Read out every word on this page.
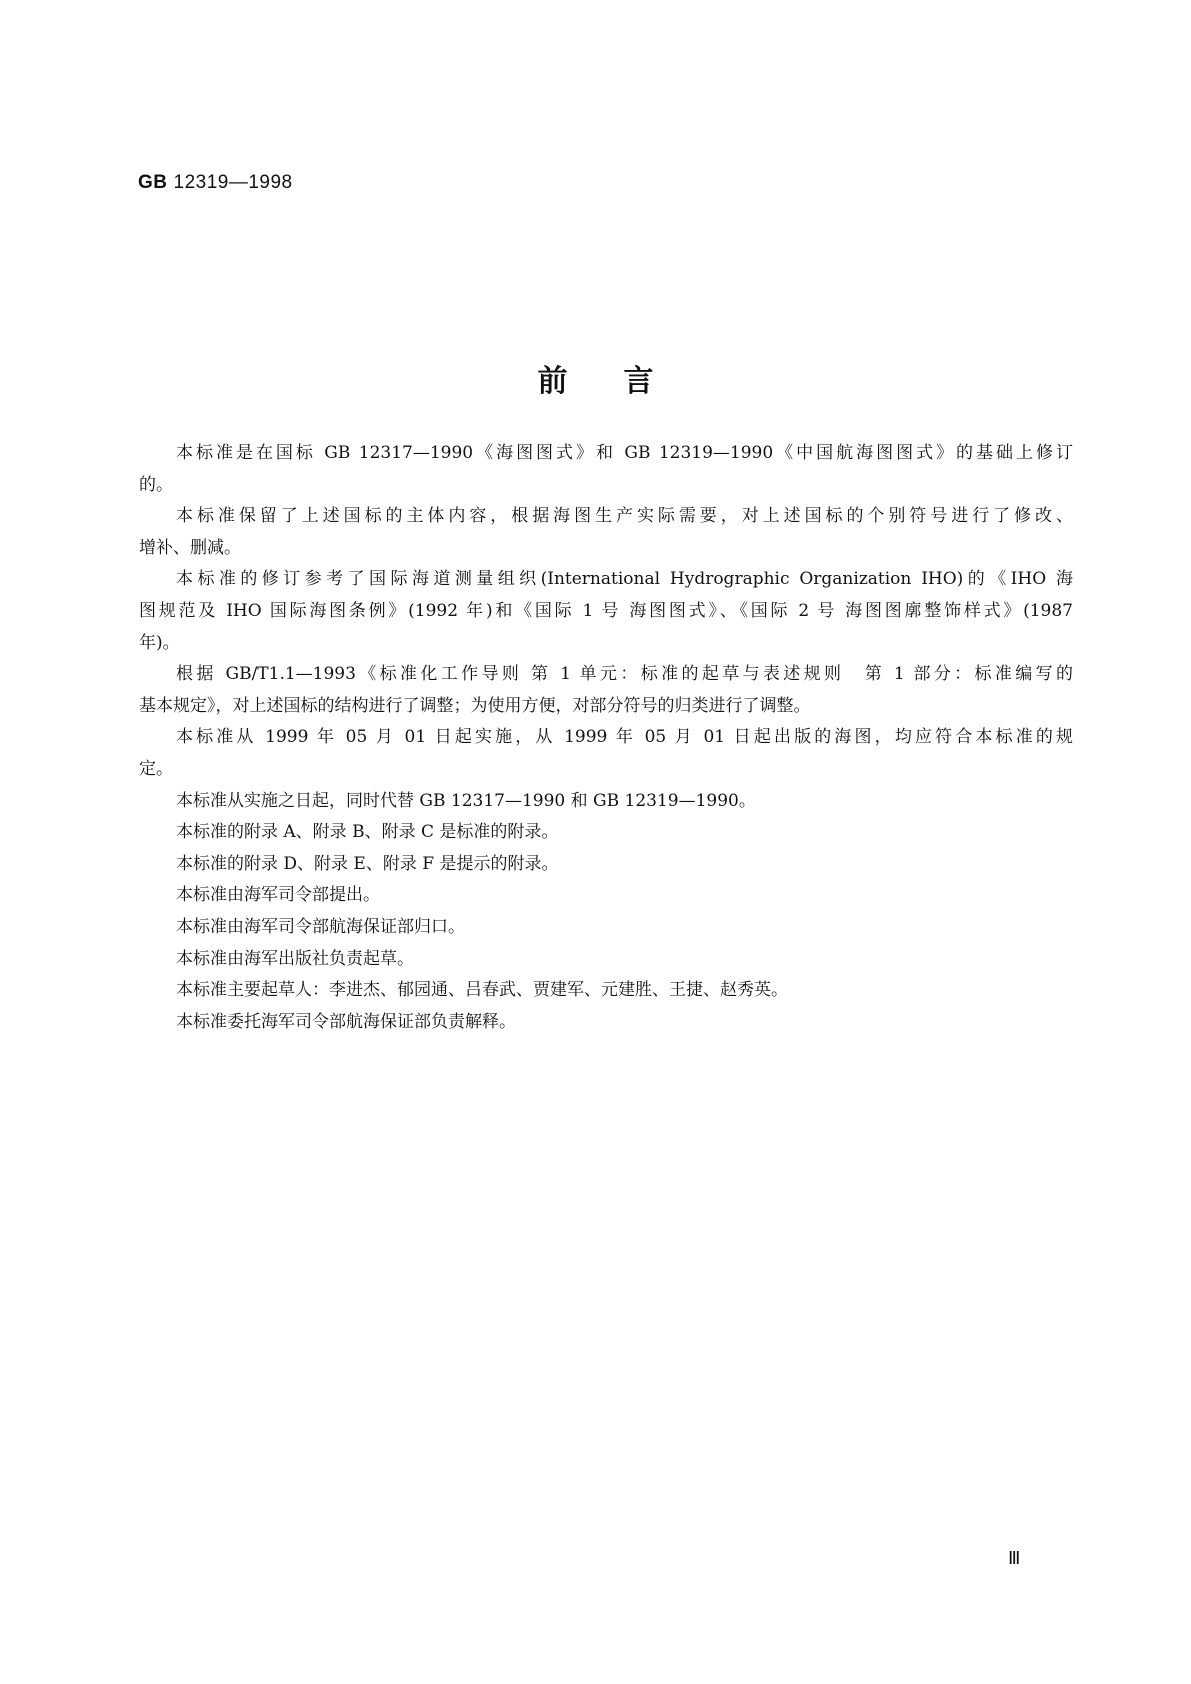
GB 12319—1998
前言
本标准是在国标 GB 12317—1990《海图图式》和 GB 12319—1990《中国航海图图式》的基础上修订
的。
本标准保留了上述国标的主体内容，根据海图生产实际需要，对上述国标的个别符号进行了修改、
增补、删减。
本标准的修订参考了国际海道测量组织(International Hydrographic Organization IHO)的《IHO 海
图规范及 IHO 国际海图条例》(1992 年)和《国际 1 号 海图图式》、《国际 2 号 海图图廓整饰样式》(1987
年)。
根据 GB/T1.1—1993《标准化工作导则 第 1 单元：标准的起草与表述规则　第 1 部分：标准编写的
基本规定》，对上述国标的结构进行了调整；为使用方便，对部分符号的归类进行了调整。
本标准从 1999 年 05 月 01 日起实施，从 1999 年 05 月 01 日起出版的海图，均应符合本标准的规
定。
本标准从实施之日起，同时代替 GB 12317—1990 和 GB 12319—1990。
本标准的附录 A、附录 B、附录 C 是标准的附录。
本标准的附录 D、附录 E、附录 F 是提示的附录。
本标准由海军司令部提出。
本标准由海军司令部航海保证部归口。
本标准由海军出版社负责起草。
本标准主要起草人：李进杰、郁园通、吕春武、贾建军、元建胜、王捷、赵秀英。
本标准委托海军司令部航海保证部负责解释。
Ⅲ
